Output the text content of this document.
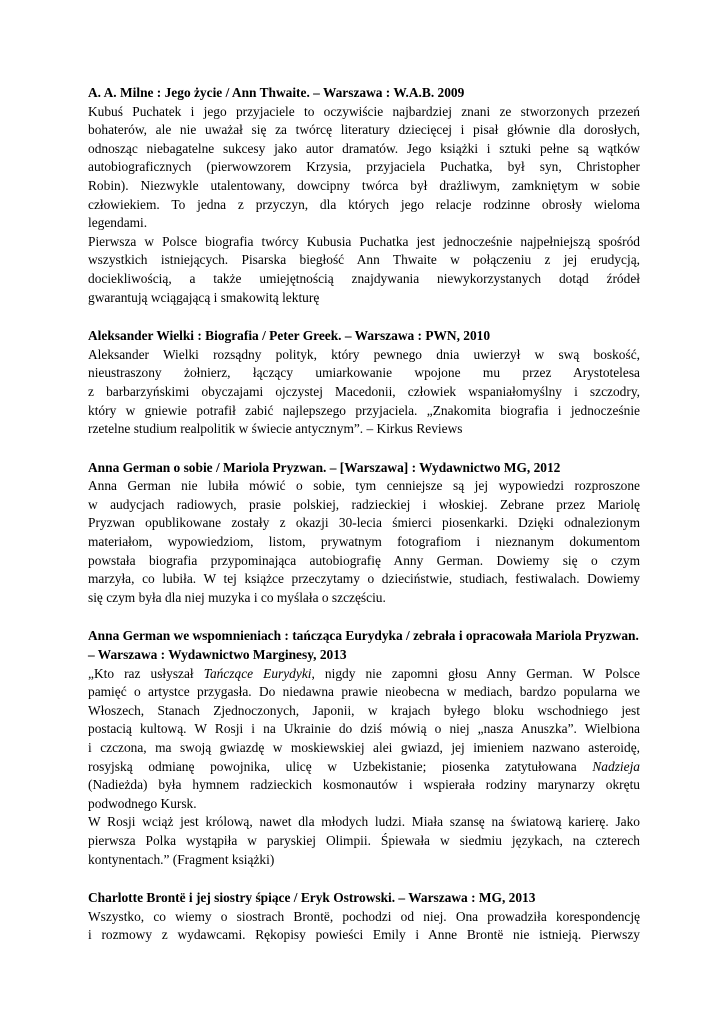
A. A. Milne : Jego życie / Ann Thwaite. – Warszawa : W.A.B. 2009

Kubuś Puchatek i jego przyjaciele to oczywiście najbardziej znani ze stworzonych przezeń
bohaterów, ale nie uważał się za twórcę literatury dziecięcej i pisał głównie dla dorosłych,
odnosząc niebagatelne sukcesy jako autor dramatów. Jego książki i sztuki pełne są wątków
autobiograficznych (pierwowzorem Krzysia, przyjaciela Puchatka, był syn, Christopher
Robin). Niezwykle utalentowany, dowcipny twórca był drażliwym, zamkniętym w sobie
człowiekiem. To jedna z przyczyn, dla których jego relacje rodzinne obrosły wieloma
legendami.
Pierwsza w Polsce biografia twórcy Kubusia Puchatka jest jednocześnie najpełniejszą spośród
wszystkich istniejących. Pisarska biegłość Ann Thwaite w połączeniu z jej erudycją,
dociekliwością, a także umiejętnością znajdywania niewykorzystanych dotąd źródeł
gwarantują wciągającą i smakowitą lekturę

Aleksander Wielki : Biografia / Peter Greek. – Warszawa : PWN, 2010

Aleksander Wielki rozsądny polityk, który pewnego dnia uwierzył w swą boskość,
nieustraszony żołnierz, łączący umiarkowanie wpojone mu przez Arystotelesa
z barbarzyńskimi obyczajami ojczystej Macedonii, człowiek wspaniałomyślny i szczodry,
który w gniewie potrafił zabić najlepszego przyjaciela. „Znakomita biografia i jednocześnie
rzetelne studium realpolitik w świecie antycznym”. – Kirkus Reviews

Anna German o sobie / Mariola Pryzwan. – [Warszawa] : Wydawnictwo MG, 2012

Anna German nie lubiła mówić o sobie, tym cenniejsze są jej wypowiedzi rozproszone
w audycjach radiowych, prasie polskiej, radzieckiej i włoskiej. Zebrane przez Mariolę
Pryzwan opublikowane zostały z okazji 30-lecia śmierci piosenkarki. Dzięki odnalezionym
materiałom, wypowiedziom, listom, prywatnym fotografiom i nieznanym dokumentom
powstała biografia przypominająca autobiografię Anny German. Dowiemy się o czym
marzyła, co lubiła. W tej książce przeczytamy o dzieciństwie, studiach, festiwalach. Dowiemy
się czym była dla niej muzyka i co myślała o szczęściu.

Anna German we wspomnieniach : tańcząca Eurydyka / zebrała i opracowała Mariola Pryzwan. – Warszawa : Wydawnictwo Marginesy, 2013

„Kto raz usłyszał Tańczące Eurydyki, nigdy nie zapomni głosu Anny German. W Polsce
pamięć o artystce przygasła. Do niedawna prawie nieobecna w mediach, bardzo popularna we
Włoszech, Stanach Zjednoczonych, Japonii, w krajach byłego bloku wschodniego jest
postacią kultową. W Rosji i na Ukrainie do dziś mówią o niej „nasza Anuszka”. Wielbiona
i czczona, ma swoją gwiazdę w moskiewskiej alei gwiazd, jej imieniem nazwano asteroidę,
rosyjską odmianę powojnika, ulicę w Uzbekistanie; piosenka zatytułowana Nadzieja
(Nadieżda) była hymnem radzieckich kosmonautów i wspierała rodziny marynarzy okrętu
podwodnego Kursk.
W Rosji wciąż jest królową, nawet dla młodych ludzi. Miała szansę na światową karierę. Jako
pierwsza Polka wystąpiła w paryskiej Olimpii. Śpiewała w siedmiu językach, na czterech
kontynentach.” (Fragment książki)

Charlotte Brontë i jej siostry śpiące / Eryk Ostrowski. – Warszawa : MG, 2013

Wszystko, co wiemy o siostrach Brontë, pochodzi od niej. Ona prowadziła korespondencję
i rozmowy z wydawcami. Rękopisy powieści Emily i Anne Brontë nie istnieją. Pierwszy
